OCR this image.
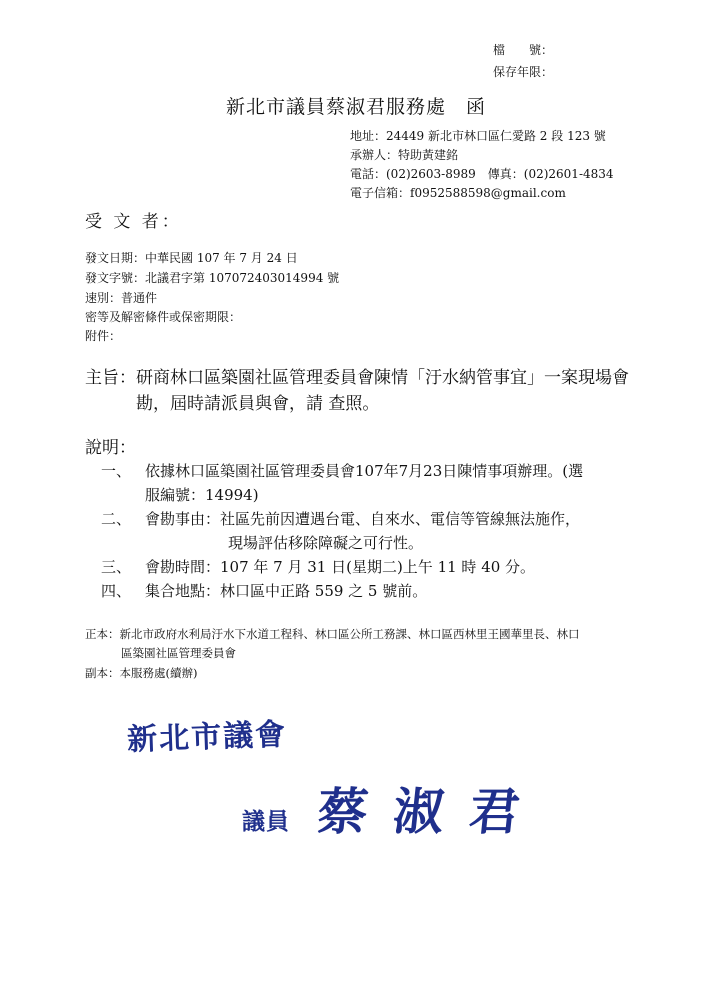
檔　　號：
保存年限：
新北市議員蔡淑君服務處　函
地址：24449 新北市林口區仁愛路 2 段 123 號
承辦人：特助黃建銘
電話：(02)2603-8989　傳真：(02)2601-4834
電子信箱：f0952588598@gmail.com
受 文 者：
發文日期：中華民國 107 年 7 月 24 日
發文字號：北議君字第 107072403014994 號
速別：普通件
密等及解密條件或保密期限：
附件：
主旨：研商林口區築園社區管理委員會陳情「汙水納管事宜」一案現場會
勘，屆時請派員與會，請 查照。
說明：
一、 依據林口區築園社區管理委員會107年7月23日陳情事項辦理。(選
服編號：14994)
二、 會勘事由：社區先前因遭遇台電、自來水、電信等管線無法施作，
現場評估移除障礙之可行性。
三、 會勘時間：107 年 7 月 31 日(星期二)上午 11 時 40 分。
四、 集合地點：林口區中正路 559 之 5 號前。
正本：新北市政府水利局汙水下水道工程科、林口區公所工務課、林口區西林里王國華里長、林口
區築園社區管理委員會
副本：本服務處(續辦)
新北市議會
議員 蔡淑君
